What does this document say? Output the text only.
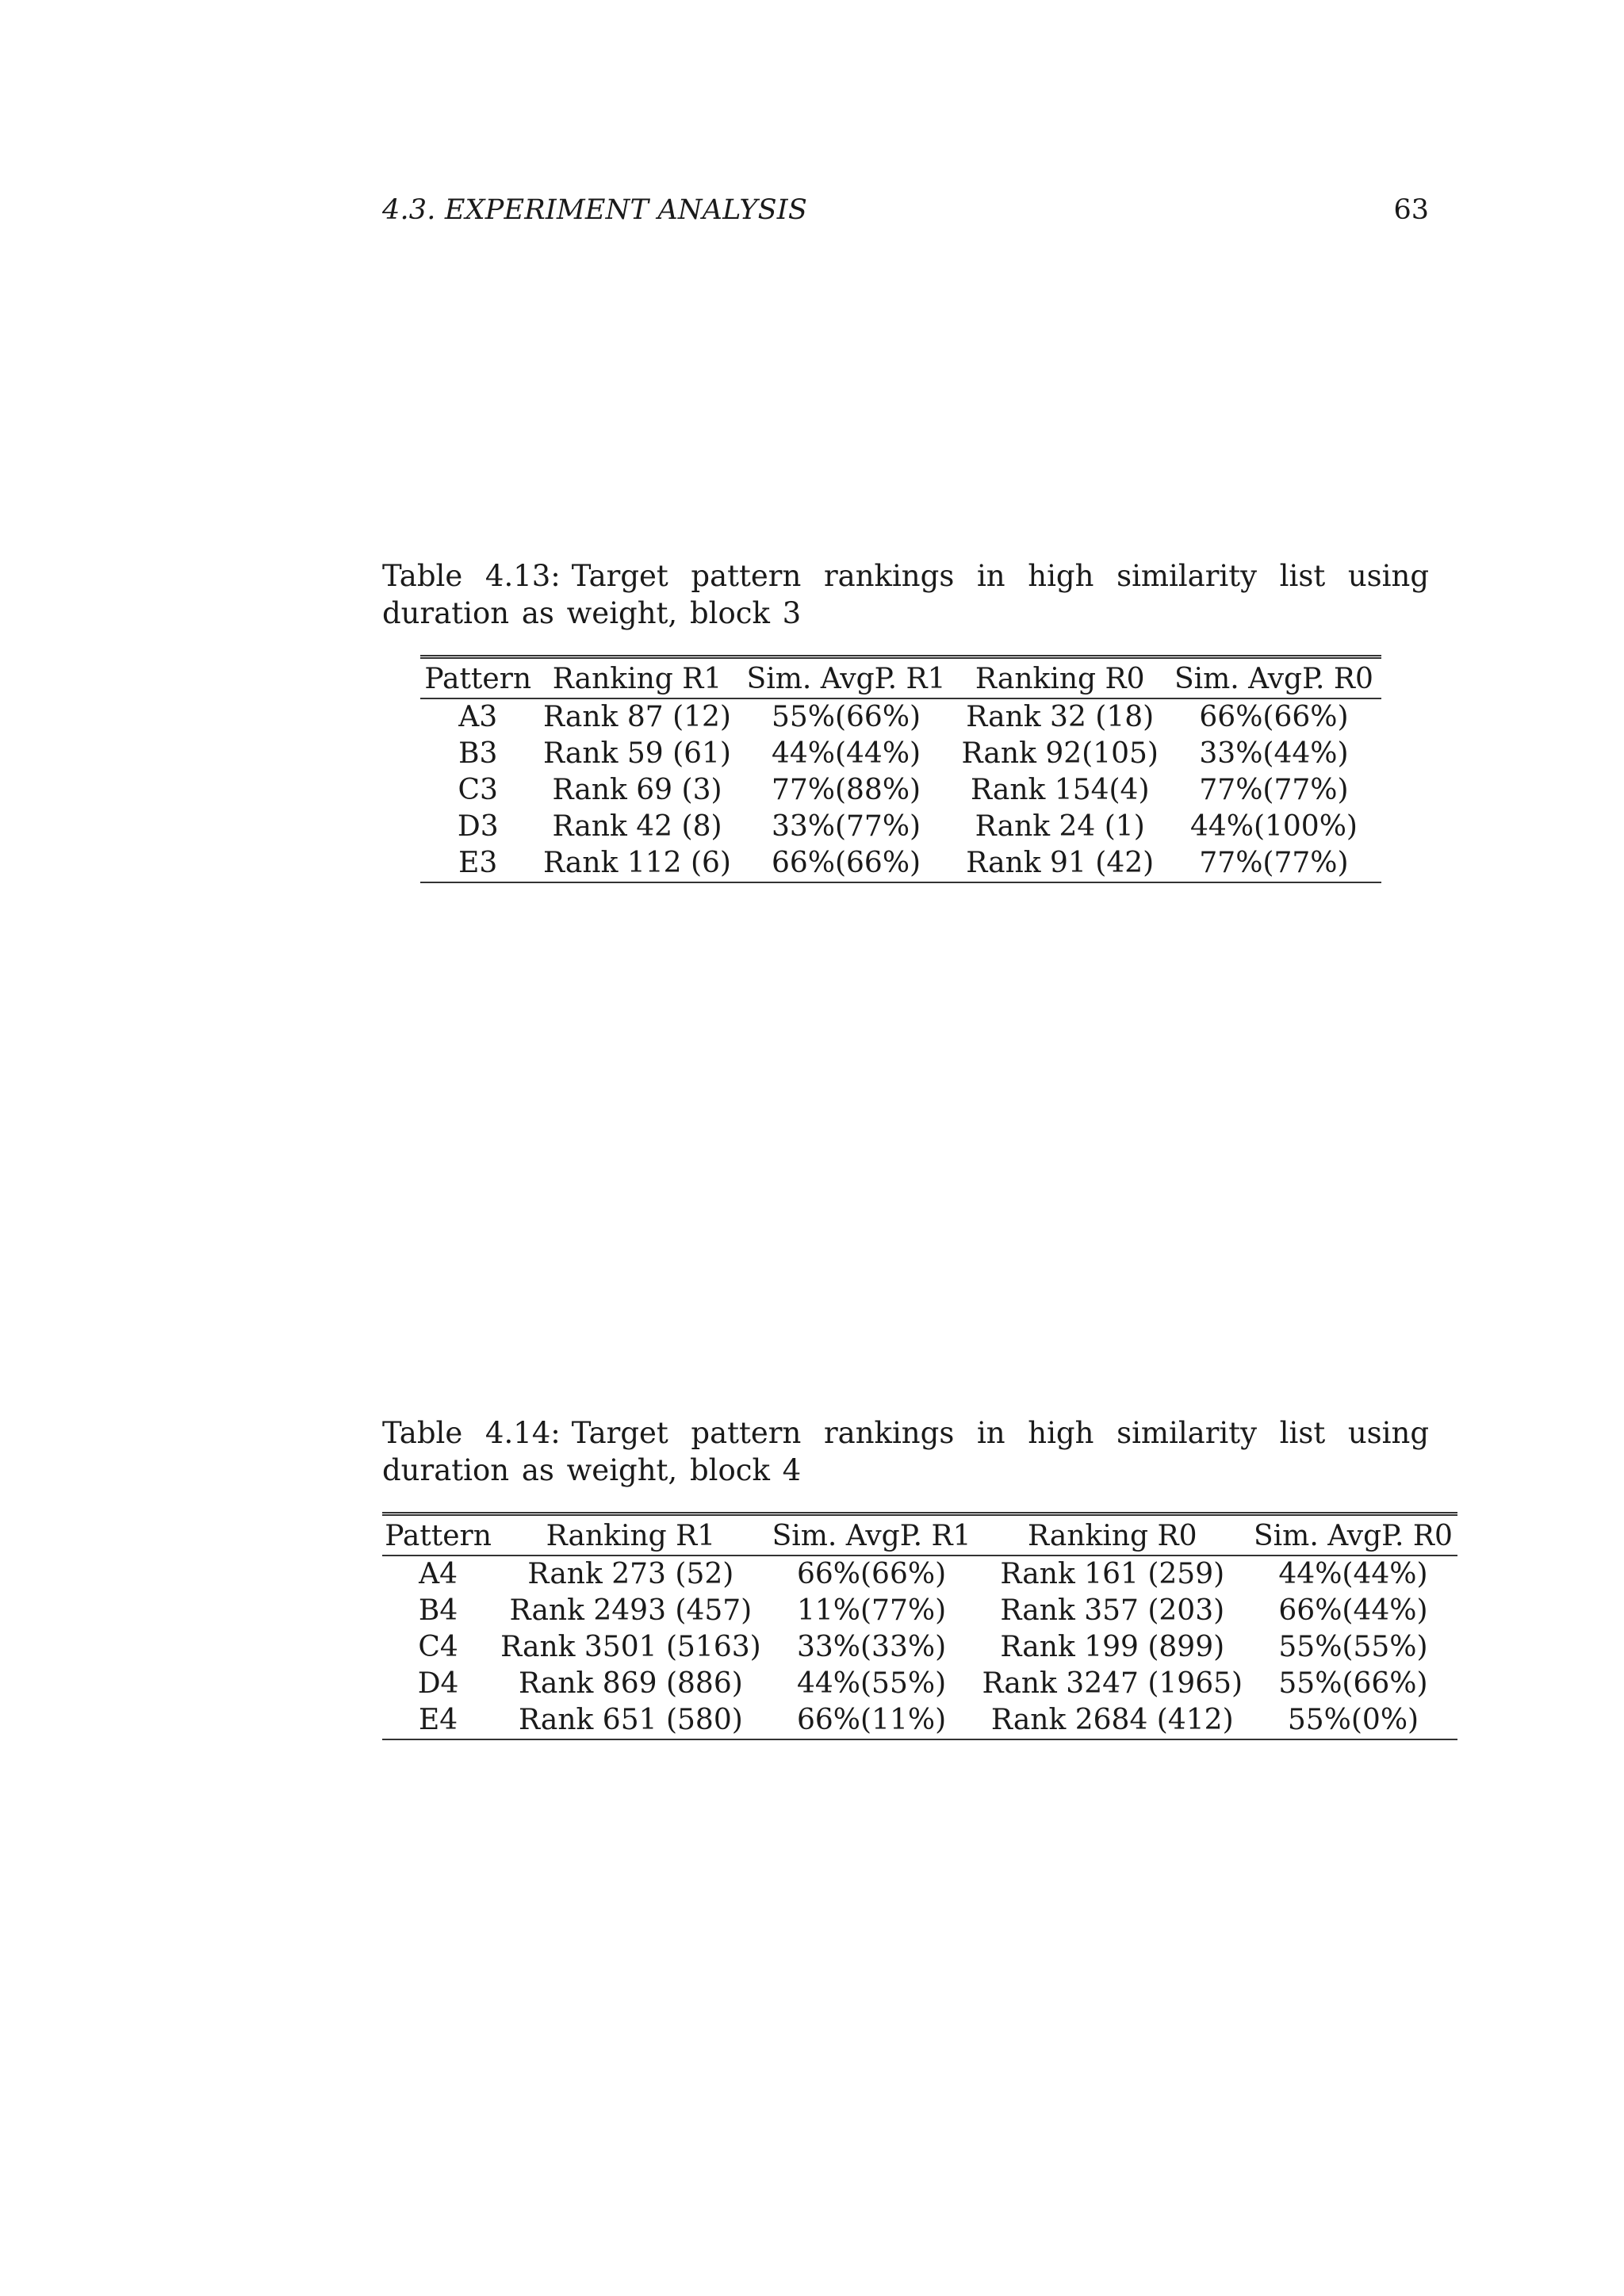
4.3. EXPERIMENT ANALYSIS	63
Table 4.13: Target pattern rankings in high similarity list using duration as weight, block 3
Pattern	Ranking R1	Sim. AvgP. R1	Ranking R0	Sim. AvgP. R0
A3	Rank 87 (12)	55%(66%)	Rank 32 (18)	66%(66%)
B3	Rank 59 (61)	44%(44%)	Rank 92(105)	33%(44%)
C3	Rank 69 (3)	77%(88%)	Rank 154(4)	77%(77%)
D3	Rank 42 (8)	33%(77%)	Rank 24 (1)	44%(100%)
E3	Rank 112 (6)	66%(66%)	Rank 91 (42)	77%(77%)
Table 4.14: Target pattern rankings in high similarity list using duration as weight, block 4
Pattern	Ranking R1	Sim. AvgP. R1	Ranking R0	Sim. AvgP. R0
A4	Rank 273 (52)	66%(66%)	Rank 161 (259)	44%(44%)
B4	Rank 2493 (457)	11%(77%)	Rank 357 (203)	66%(44%)
C4	Rank 3501 (5163)	33%(33%)	Rank 199 (899)	55%(55%)
D4	Rank 869 (886)	44%(55%)	Rank 3247 (1965)	55%(66%)
E4	Rank 651 (580)	66%(11%)	Rank 2684 (412)	55%(0%)
